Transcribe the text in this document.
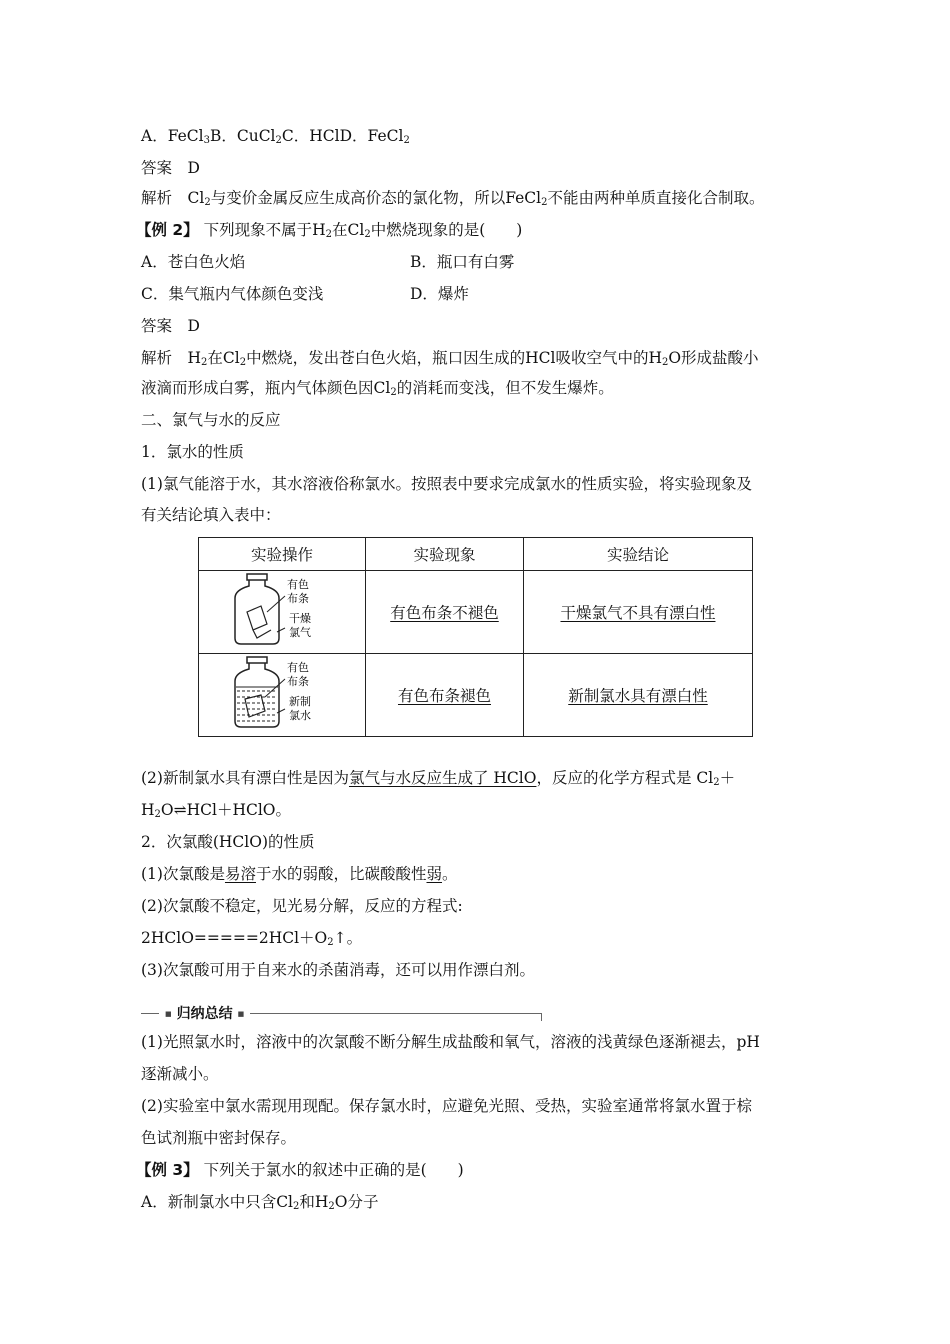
A．FeCl$_3$B．CuCl$_2$C．HClD．FeCl$_2$
答案　D
解析　$Cl_2$与变价金属反应生成高价态的氯化物，所以FeCl$_2$不能由两种单质直接化合制取。
【例 2】 下列现象不属于$H_2$在$Cl_2$中燃烧现象的是(　　)
A．苍白色火焰	B．瓶口有白雾
C．集气瓶内气体颜色变浅	D．爆炸
答案　D
解析　$H_2$在$Cl_2$中燃烧，发出苍白色火焰，瓶口因生成的HCl吸收空气中的$H_2O$形成盐酸小
液滴而形成白雾，瓶内气体颜色因$Cl_2$的消耗而变浅，但不发生爆炸。
二、氯气与水的反应
1．氯水的性质
(1)氯气能溶于水，其水溶液俗称氯水。按照表中要求完成氯水的性质实验，将实验现象及
有关结论填入表中：
实验操作	实验现象	实验结论

有色
布条
干燥
氯气	有色布条不褪色	干燥氯气不具有漂白性

有色
布条
新制
氯水	有色布条褪色	新制氯水具有漂白性
(2)新制氯水具有漂白性是因为氯气与水反应生成了 HClO，反应的化学方程式是 $Cl_2+$
$H_2O\rightleftharpoons HCl+HClO$。
2．次氯酸(HClO)的性质
(1)次氯酸是易溶于水的弱酸，比碳酸酸性弱。
(2)次氯酸不稳定，见光易分解，反应的方程式:
$2HClO=====2HCl+O_2↑$。
(3)次氯酸可用于自来水的杀菌消毒，还可以用作漂白剂。
■ 归纳总结 ■
(1)光照氯水时，溶液中的次氯酸不断分解生成盐酸和氧气，溶液的浅黄绿色逐渐褪去，pH
逐渐减小。
(2)实验室中氯水需现用现配。保存氯水时，应避免光照、受热，实验室通常将氯水置于棕
色试剂瓶中密封保存。
【例 3】 下列关于氯水的叙述中正确的是(　　)
A．新制氯水中只含$Cl_2$和$H_2O$分子
